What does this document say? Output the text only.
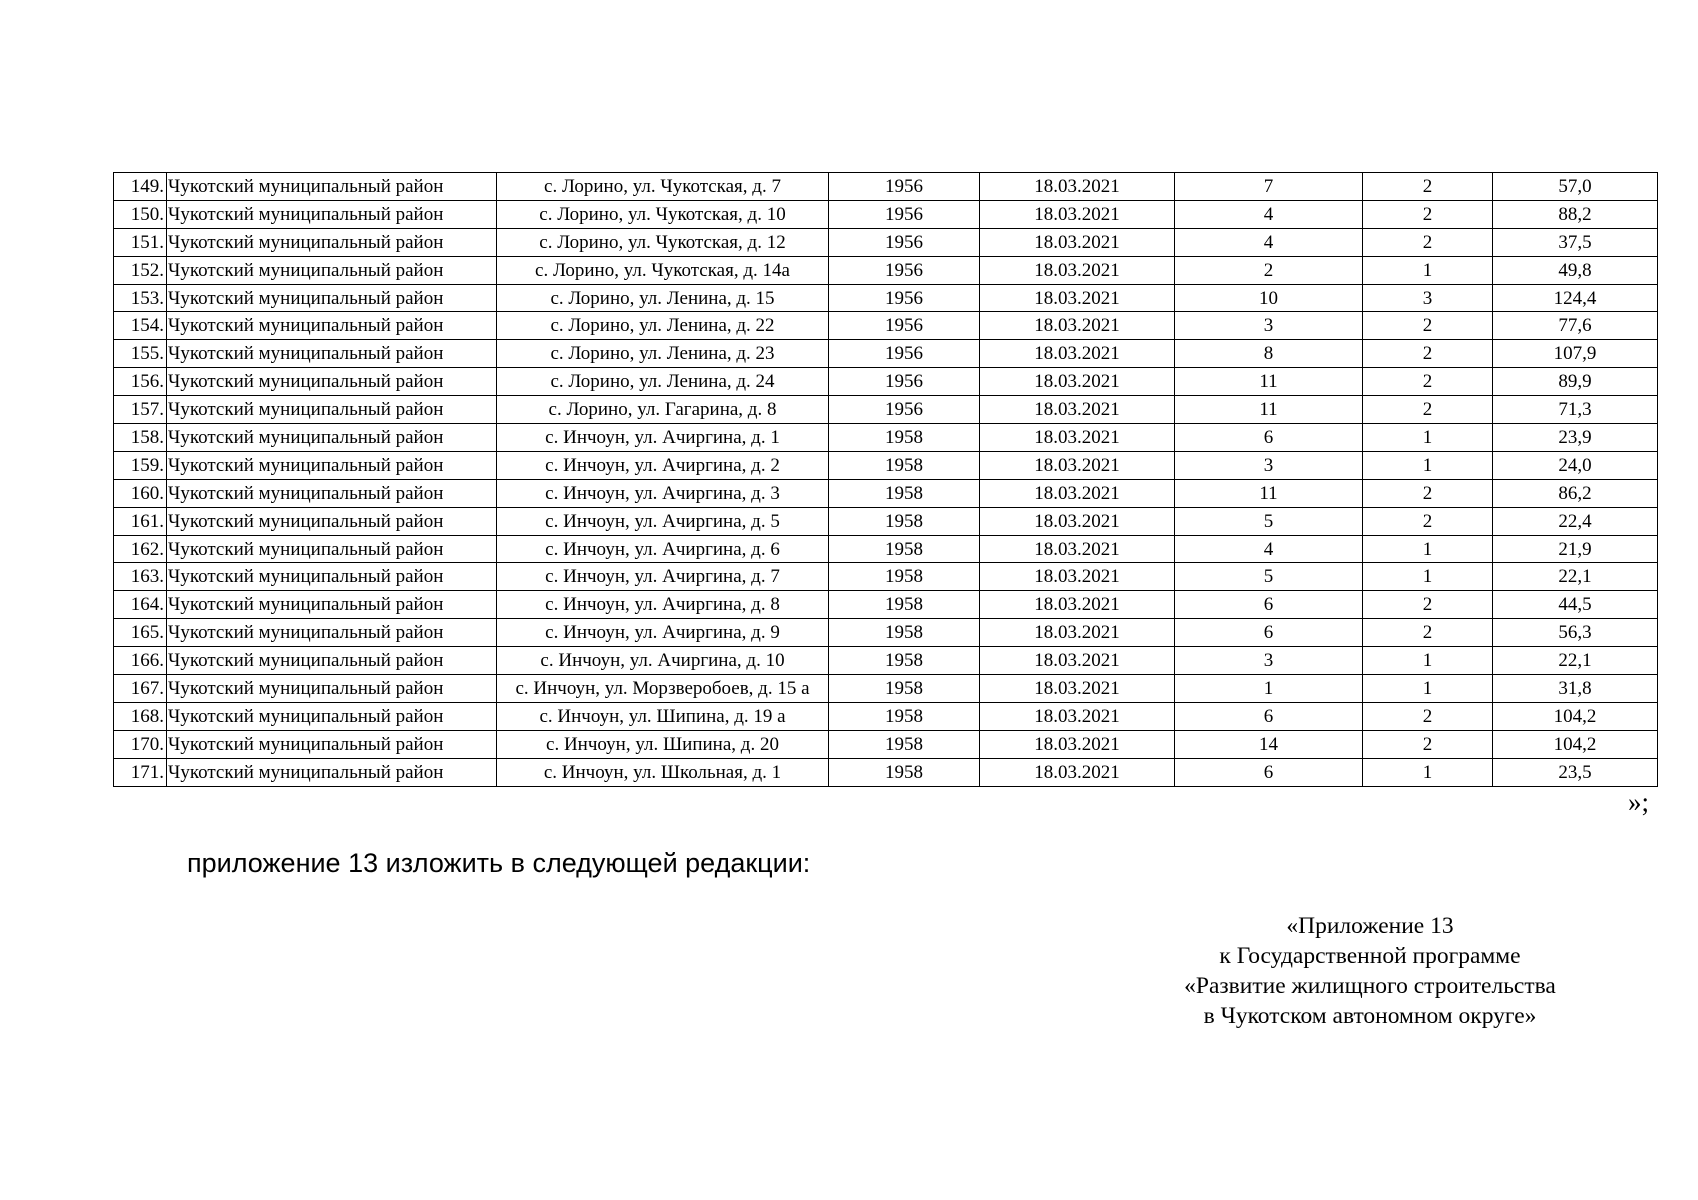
149.	Чукотский муниципальный район	с. Лорино, ул. Чукотская, д. 7	1956	18.03.2021	7	2	57,0
150.	Чукотский муниципальный район	с. Лорино, ул. Чукотская, д. 10	1956	18.03.2021	4	2	88,2
151.	Чукотский муниципальный район	с. Лорино, ул. Чукотская, д. 12	1956	18.03.2021	4	2	37,5
152.	Чукотский муниципальный район	с. Лорино, ул. Чукотская, д. 14а	1956	18.03.2021	2	1	49,8
153.	Чукотский муниципальный район	с. Лорино, ул. Ленина, д. 15	1956	18.03.2021	10	3	124,4
154.	Чукотский муниципальный район	с. Лорино, ул. Ленина, д. 22	1956	18.03.2021	3	2	77,6
155.	Чукотский муниципальный район	с. Лорино, ул. Ленина, д. 23	1956	18.03.2021	8	2	107,9
156.	Чукотский муниципальный район	с. Лорино, ул. Ленина, д. 24	1956	18.03.2021	11	2	89,9
157.	Чукотский муниципальный район	с. Лорино, ул. Гагарина, д. 8	1956	18.03.2021	11	2	71,3
158.	Чукотский муниципальный район	с. Инчоун, ул. Ачиргина, д. 1	1958	18.03.2021	6	1	23,9
159.	Чукотский муниципальный район	с. Инчоун, ул. Ачиргина, д. 2	1958	18.03.2021	3	1	24,0
160.	Чукотский муниципальный район	с. Инчоун, ул. Ачиргина, д. 3	1958	18.03.2021	11	2	86,2
161.	Чукотский муниципальный район	с. Инчоун, ул. Ачиргина, д. 5	1958	18.03.2021	5	2	22,4
162.	Чукотский муниципальный район	с. Инчоун, ул. Ачиргина, д. 6	1958	18.03.2021	4	1	21,9
163.	Чукотский муниципальный район	с. Инчоун, ул. Ачиргина, д. 7	1958	18.03.2021	5	1	22,1
164.	Чукотский муниципальный район	с. Инчоун, ул. Ачиргина, д. 8	1958	18.03.2021	6	2	44,5
165.	Чукотский муниципальный район	с. Инчоун, ул. Ачиргина, д. 9	1958	18.03.2021	6	2	56,3
166.	Чукотский муниципальный район	с. Инчоун, ул. Ачиргина, д. 10	1958	18.03.2021	3	1	22,1
167.	Чукотский муниципальный район	с. Инчоун, ул. Морзверобоев, д. 15 а	1958	18.03.2021	1	1	31,8
168.	Чукотский муниципальный район	с. Инчоун, ул. Шипина, д. 19 а	1958	18.03.2021	6	2	104,2
170.	Чукотский муниципальный район	с. Инчоун, ул. Шипина, д. 20	1958	18.03.2021	14	2	104,2
171.	Чукотский муниципальный район	с. Инчоун, ул. Школьная, д. 1	1958	18.03.2021	6	1	23,5
»;
приложение 13 изложить в следующей редакции:
«Приложение 13
к Государственной программе
«Развитие жилищного строительства
в Чукотском автономном округе»
